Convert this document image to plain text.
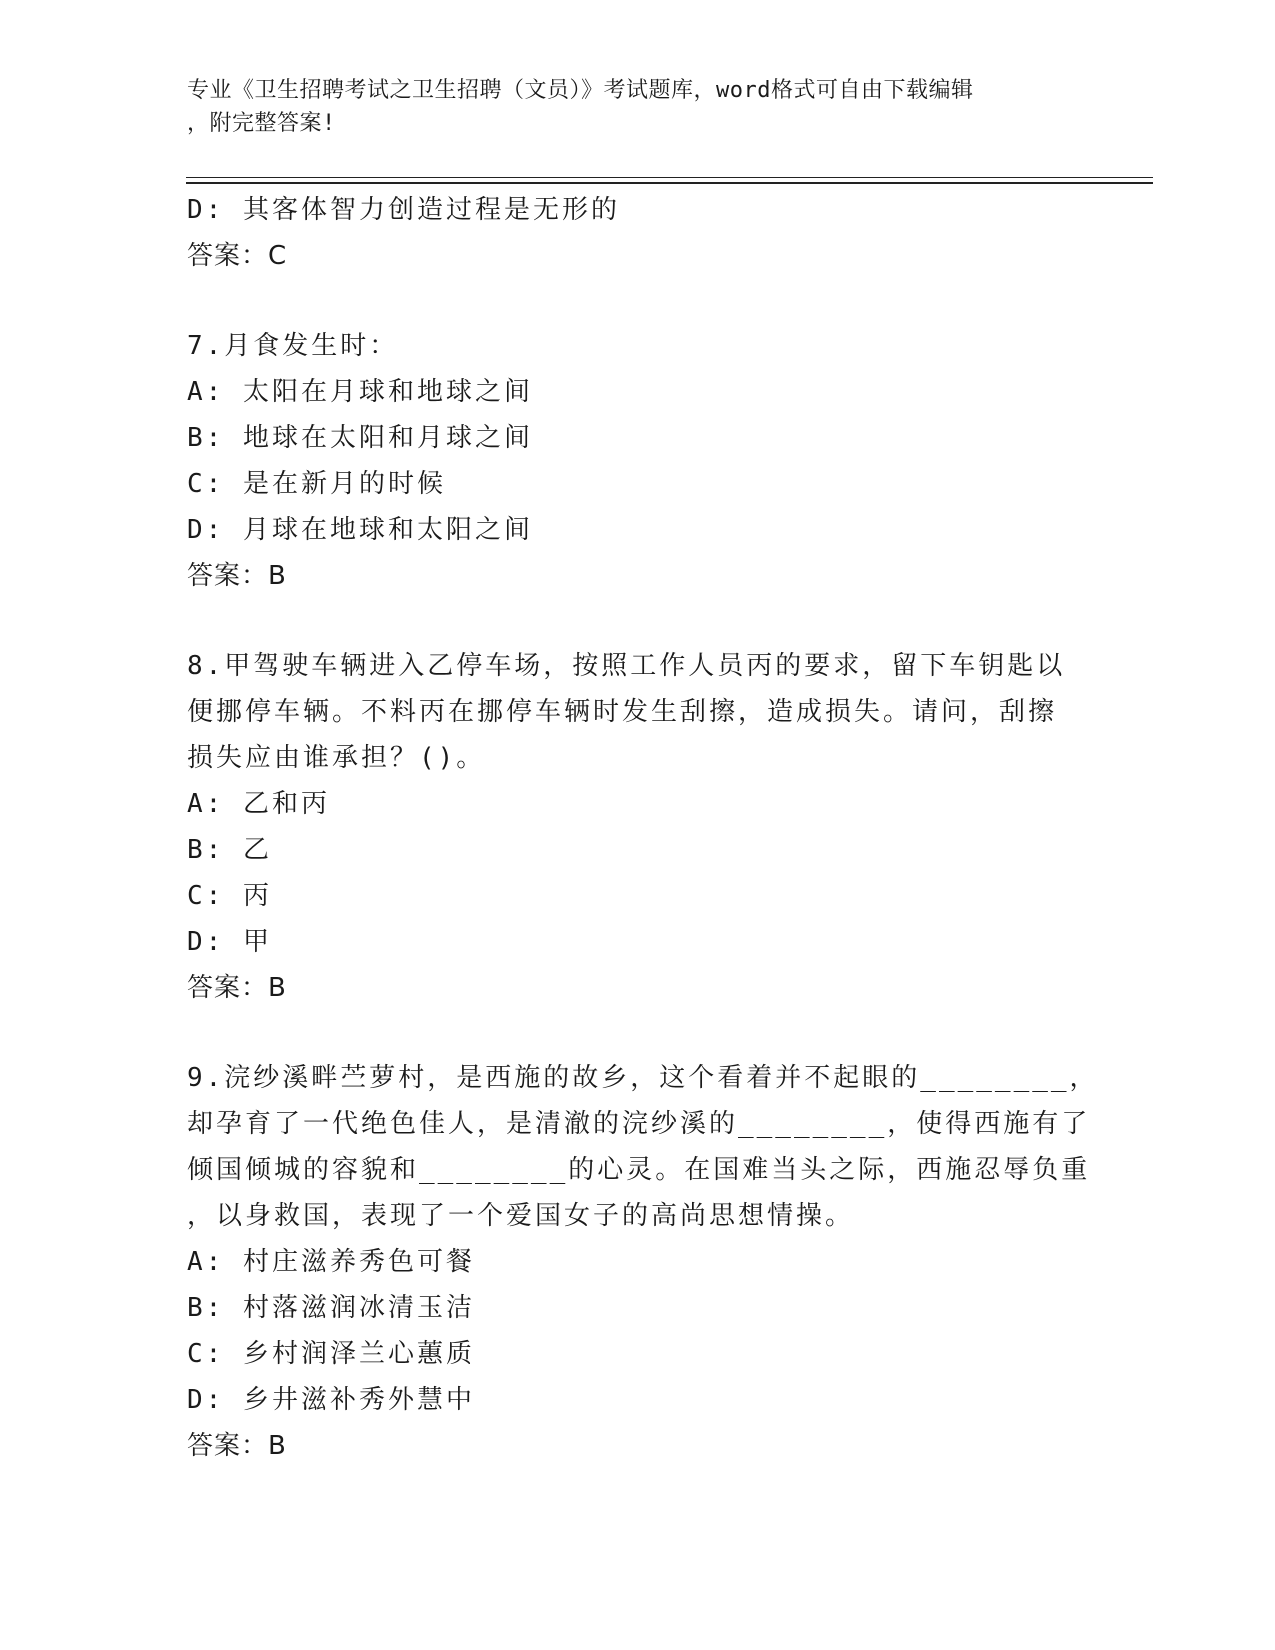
专业《卫生招聘考试之卫生招聘（文员）》考试题库，word格式可自由下载编辑
，附完整答案!
D: 其客体智力创造过程是无形的
答案：C
7.月食发生时：
A: 太阳在月球和地球之间
B: 地球在太阳和月球之间
C: 是在新月的时候
D: 月球在地球和太阳之间
答案：B
8.甲驾驶车辆进入乙停车场，按照工作人员丙的要求，留下车钥匙以
便挪停车辆。不料丙在挪停车辆时发生刮擦，造成损失。请问，刮擦
损失应由谁承担？()。
A: 乙和丙
B: 乙
C: 丙
D: 甲
答案：B
9.浣纱溪畔苎萝村，是西施的故乡，这个看着并不起眼的________，
却孕育了一代绝色佳人，是清澈的浣纱溪的________，使得西施有了
倾国倾城的容貌和________的心灵。在国难当头之际，西施忍辱负重
，以身救国，表现了一个爱国女子的高尚思想情操。
A: 村庄滋养秀色可餐
B: 村落滋润冰清玉洁
C: 乡村润泽兰心蕙质
D: 乡井滋补秀外慧中
答案：B
